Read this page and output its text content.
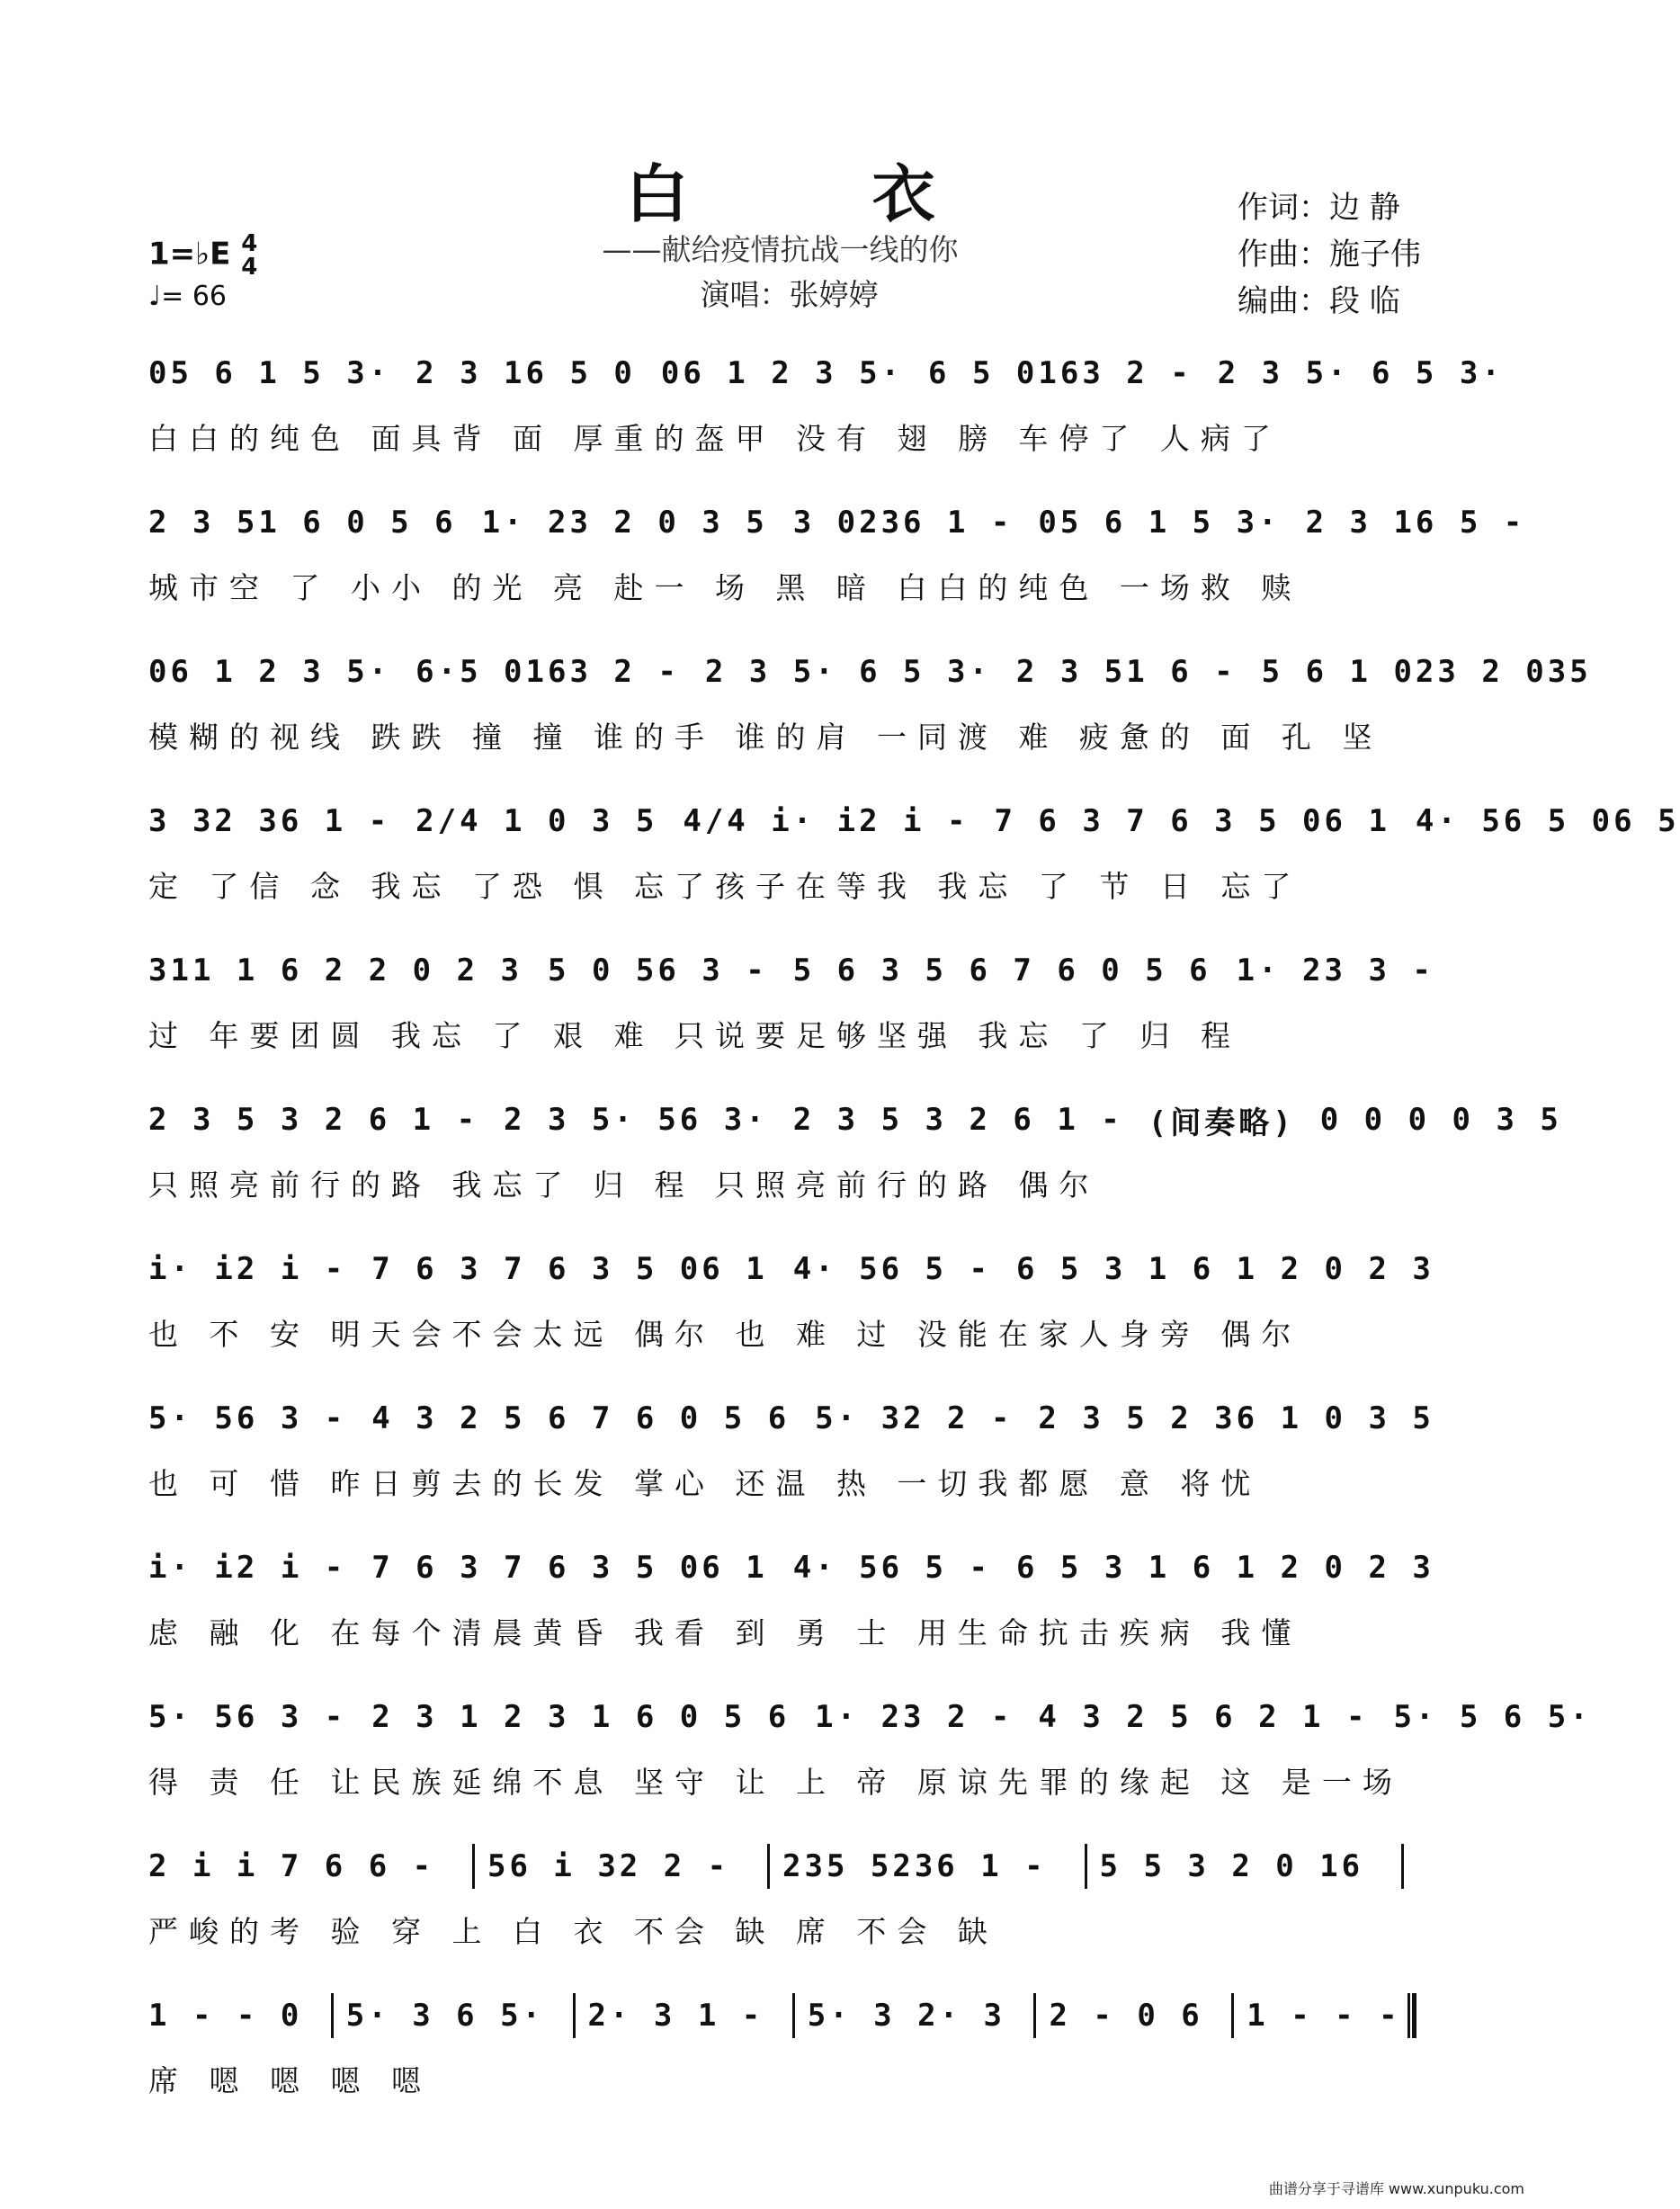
白 衣
——献给疫情抗战一线的你
演唱：张婷婷
作词：边 静
作曲：施子伟
编曲：段 临
1=♭E 4
4
♩= 66
05 6 1 5 3· 2 3 16 5 0 06 1 2 3 5· 6 5 0163 2 - 2 3 5· 6 5 3·
白白的纯色 面具背 面 厚重的盔甲 没有 翅 膀 车停了 人病了
2 3 51 6 0 5 6 1· 23 2 0 3 5 3 0236 1 - 05 6 1 5 3· 2 3 16 5 -
城市空 了 小小 的光 亮 赴一 场 黑 暗 白白的纯色 一场救 赎
06 1 2 3 5· 6·5 0163 2 - 2 3 5· 6 5 3· 2 3 51 6 - 5 6 1 023 2 035
模糊的视线 跌跌 撞 撞 谁的手 谁的肩 一同渡 难 疲惫的 面 孔 坚
3 32 36 1 - 2/4 1 0 3 5 4/4 i· i2 i - 7 6 3 7 6 3 5 06 1 4· 56 5 06 5
定 了信 念 我忘 了恐 惧 忘了孩子在等我 我忘 了 节 日 忘了
311 1 6 2 2 0 2 3 5 0 56 3 - 5 6 3 5 6 7 6 0 5 6 1· 23 3 -
过 年要团圆 我忘 了 艰 难 只说要足够坚强 我忘 了 归 程
2 3 5 3 2 6 1 - 2 3 5· 56 3· 2 3 5 3 2 6 1 - (间奏略) 0 0 0 0 3 5
只照亮前行的路 我忘了 归 程 只照亮前行的路 偶尔
i· i2 i - 7 6 3 7 6 3 5 06 1 4· 56 5 - 6 5 3 1 6 1 2 0 2 3
也 不 安 明天会不会太远 偶尔 也 难 过 没能在家人身旁 偶尔
5· 56 3 - 4 3 2 5 6 7 6 0 5 6 5· 32 2 - 2 3 5 2 36 1 0 3 5
也 可 惜 昨日剪去的长发 掌心 还温 热 一切我都愿 意 将忧
i· i2 i - 7 6 3 7 6 3 5 06 1 4· 56 5 - 6 5 3 1 6 1 2 0 2 3
虑 融 化 在每个清晨黄昏 我看 到 勇 士 用生命抗击疾病 我懂
5· 56 3 - 2 3 1 2 3 1 6 0 5 6 1· 23 2 - 4 3 2 5 6 2 1 - 5· 5 6 5·
得 责 任 让民族延绵不息 坚守 让 上 帝 原谅先罪的缘起 这 是一场
2 i i 7 6 6 -	56 i 32 2 -	235 5236 1 -	5 5 3 2 0 16
严峻的考 验 穿 上 白 衣 不会 缺 席 不会 缺
1 - - 0	5· 3 6 5·	2· 3 1 -	5· 3 2· 3	2 - 0 6	1 - - -
席 嗯 嗯 嗯 嗯
曲谱分享于寻谱库 www.xunpuku.com
